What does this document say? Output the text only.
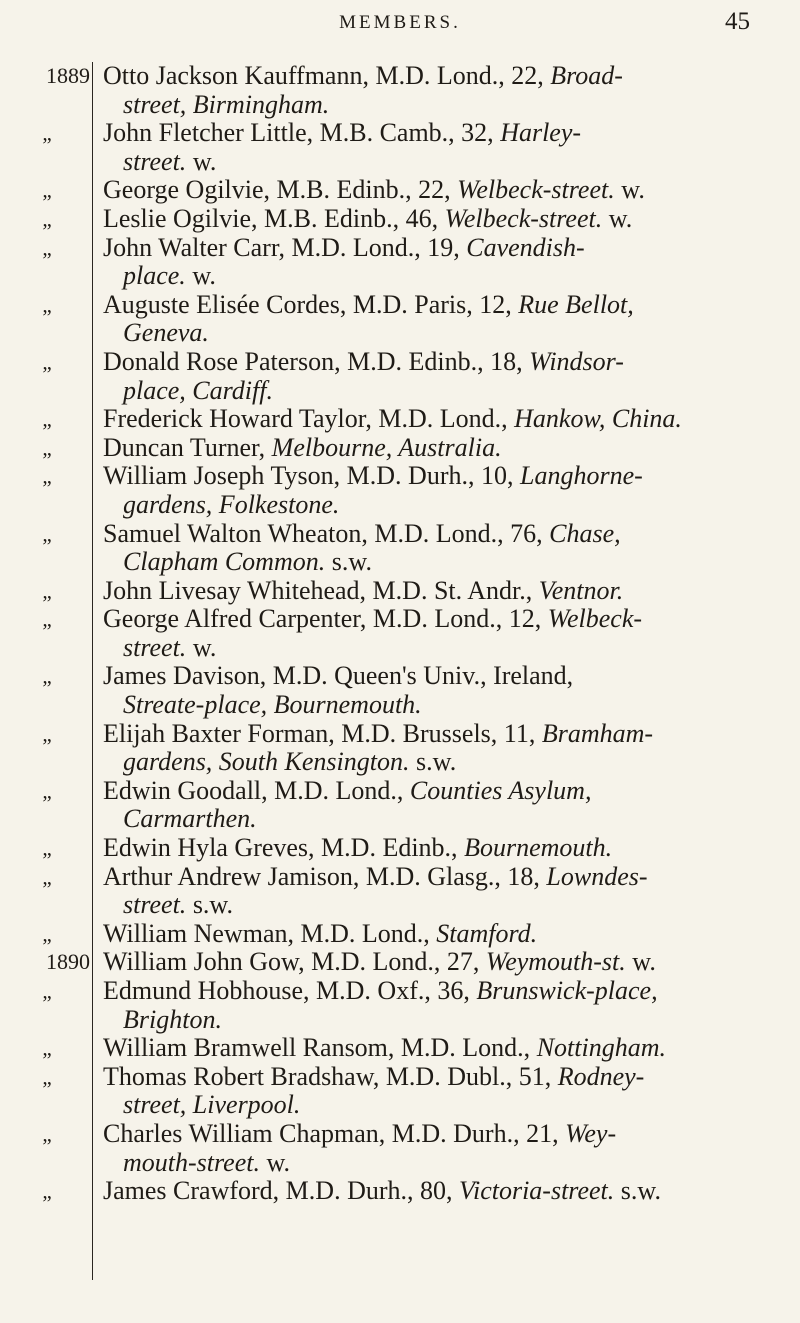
MEMBERS.	45
1889 Otto Jackson Kauffmann, M.D. Lond., 22, Broad-
street, Birmingham.
„	John Fletcher Little, M.B. Camb., 32, Harley-
street. w.
„	George Ogilvie, M.B. Edinb., 22, Welbeck-street. w.
„	Leslie Ogilvie, M.B. Edinb., 46, Welbeck-street. w.
„	John Walter Carr, M.D. Lond., 19, Cavendish-
place. w.
„	Auguste Elisée Cordes, M.D. Paris, 12, Rue Bellot,
Geneva.
„	Donald Rose Paterson, M.D. Edinb., 18, Windsor-
place, Cardiff.
„	Frederick Howard Taylor, M.D. Lond., Hankow, China.
„	Duncan Turner, Melbourne, Australia.
„	William Joseph Tyson, M.D. Durh., 10, Langhorne-
gardens, Folkestone.
„	Samuel Walton Wheaton, M.D. Lond., 76, Chase,
Clapham Common. s.w.
„	John Livesay Whitehead, M.D. St. Andr., Ventnor.
„	George Alfred Carpenter, M.D. Lond., 12, Welbeck-
street. w.
„	James Davison, M.D. Queen's Univ., Ireland,
Streate-place, Bournemouth.
„	Elijah Baxter Forman, M.D. Brussels, 11, Bramham-
gardens, South Kensington. s.w.
„	Edwin Goodall, M.D. Lond., Counties Asylum,
Carmarthen.
„	Edwin Hyla Greves, M.D. Edinb., Bournemouth.
„	Arthur Andrew Jamison, M.D. Glasg., 18, Lowndes-
street. s.w.
„	William Newman, M.D. Lond., Stamford.
1890 William John Gow, M.D. Lond., 27, Weymouth-st. w.
„	Edmund Hobhouse, M.D. Oxf., 36, Brunswick-place,
Brighton.
„	William Bramwell Ransom, M.D. Lond., Nottingham.
„	Thomas Robert Bradshaw, M.D. Dubl., 51, Rodney-
street, Liverpool.
„	Charles William Chapman, M.D. Durh., 21, Wey-
mouth-street. w.
„	James Crawford, M.D. Durh., 80, Victoria-street. s.w.
